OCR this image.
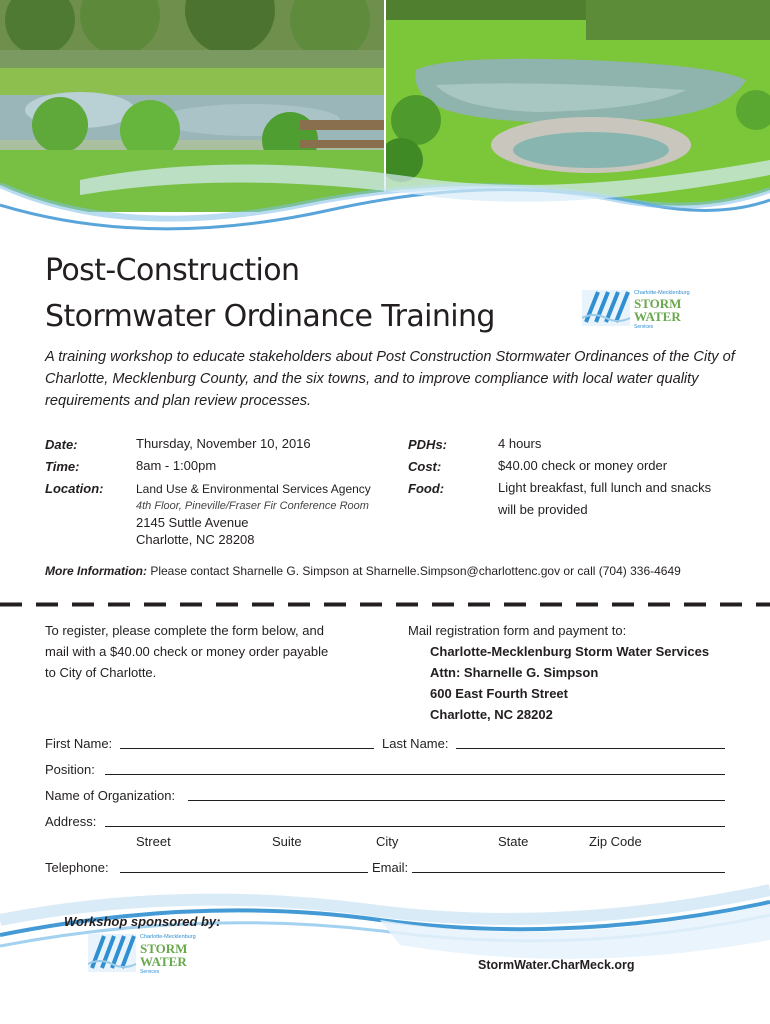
Post-Construction
Stormwater Ordinance Training
Charlotte-Mecklenburg
STORM
WATER
Services
A training workshop to educate stakeholders about Post Construction Stormwater Ordinances of the City of Charlotte, Mecklenburg County, and the six towns, and to improve compliance with local water quality requirements and plan review processes.
Date:	Thursday, November 10, 2016
Time:	8am - 1:00pm
Location:	Land Use & Environmental Services Agency
4th Floor, Pineville/Fraser Fir Conference Room
2145 Suttle Avenue
Charlotte, NC 28208
PDHs:	4 hours
Cost:	$40.00 check or money order
Food:	Light breakfast, full lunch and snacks
will be provided
More Information: Please contact Sharnelle G. Simpson at Sharnelle.Simpson@charlottenc.gov or call (704) 336-4649
To register, please complete the form below, and
mail with a $40.00 check or money order payable
to City of Charlotte.
Mail registration form and payment to:
Charlotte-Mecklenburg Storm Water Services
Attn: Sharnelle G. Simpson
600 East Fourth Street
Charlotte, NC 28202
First Name:	Last Name:
Position:
Name of Organization:
Address:
Street	Suite	City	State	Zip Code
Telephone:	Email:
Workshop sponsored by:
Charlotte-Mecklenburg
STORM
WATER
Services	StormWater.CharMeck.org
